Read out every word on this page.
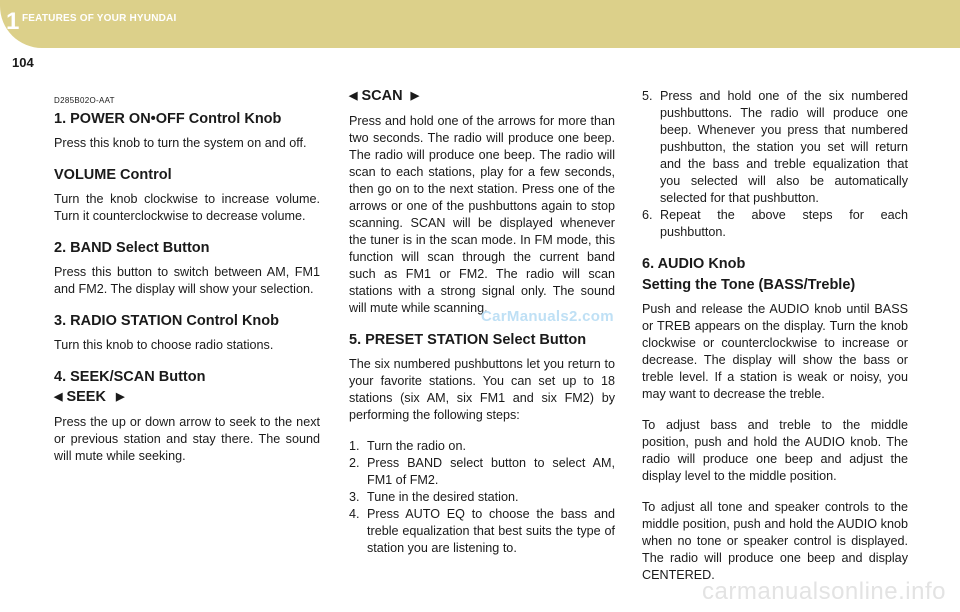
1 FEATURES OF YOUR HYUNDAI
104
D285B02O-AAT
1. POWER ON•OFF Control Knob

Press this knob to turn the system on and off.

VOLUME Control

Turn the knob clockwise to increase volume. Turn it counterclockwise to decrease volume.

2. BAND Select Button

Press this button to switch between AM, FM1 and FM2. The display will show your selection.

3. RADIO STATION Control Knob

Turn this knob to choose radio stations.

4. SEEK/SCAN Button
◀ SEEK ▶

Press the up or down arrow to seek to the next or previous station and stay there. The sound will mute while seeking.

◀ SCAN ▶

Press and hold one of the arrows for more than two seconds. The radio will produce one beep. The radio will produce one beep. The radio will scan to each stations, play for a few seconds, then go on to the next station. Press one of the arrows or one of the pushbuttons again to stop scanning. SCAN will be displayed whenever the tuner is in the scan mode. In FM mode, this function will scan through the current band such as FM1 or FM2. The radio will scan stations with a strong signal only. The sound will mute while scanning.

5. PRESET STATION Select Button

The six numbered pushbuttons let you return to your favorite stations. You can set up to 18 stations (six AM, six FM1 and six FM2) by performing the following steps:

1. Turn the radio on.
2. Press BAND select button to select AM, FM1 of FM2.
3. Tune in the desired station.
4. Press AUTO EQ to choose the bass and treble equalization that best suits the type of station you are listening to.
5. Press and hold one of the six numbered pushbuttons. The radio will produce one beep. Whenever you press that numbered pushbutton, the station you set will return and the bass and treble equalization that you selected will also be automatically selected for that pushbutton.
6. Repeat the above steps for each pushbutton.
6. AUDIO Knob
Setting the Tone (BASS/Treble)

Push and release the AUDIO knob until BASS or TREB appears on the display. Turn the knob clockwise or counterclockwise to increase or decrease. The display will show the bass or treble level. If a station is weak or noisy, you may want to decrease the treble.

To adjust bass and treble to the middle position, push and hold the AUDIO knob. The radio will produce one beep and adjust the display level to the middle position.

To adjust all tone and speaker controls to the middle position, push and hold the AUDIO knob when no tone or speaker control is displayed. The radio will produce one beep and display CENTERED.

CarManuals2.com
carmanualsonline.info
